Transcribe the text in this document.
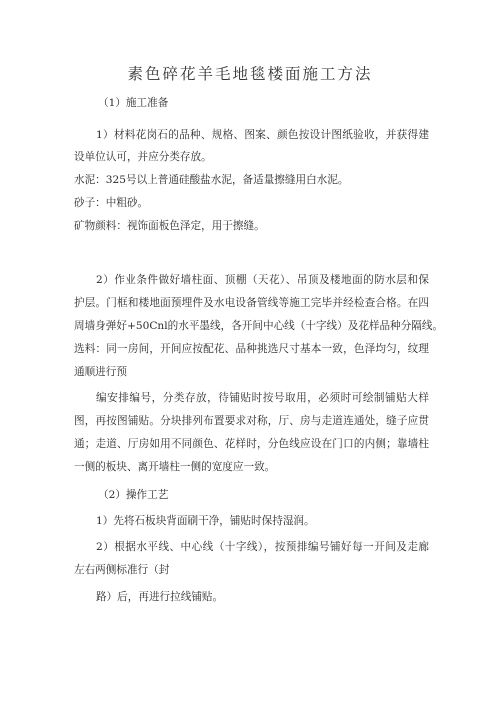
素色碎花羊毛地毯楼面施工方法
（1）施工准备
1）材料花岗石的品种、规格、图案、颜色按设计图纸验收，并获得建
设单位认可，并应分类存放。
水泥：325号以上普通硅酸盐水泥，备适量擦缝用白水泥。
砂子：中粗砂。
矿物颜料：视饰面板色泽定，用于擦缝。
2）作业条件做好墙柱面、顶棚（天花）、吊顶及楼地面的防水层和保
护层。门框和楼地面预埋件及水电设备管线等施工完毕并经检查合格。在四
周墙身弹好+50Cnl的水平墨线，各开间中心线（十字线）及花样品种分隔线。
选料：同一房间，开间应按配花、品种挑选尺寸基本一致，色泽均匀，纹理
通顺进行预
编安排编号，分类存放，待铺贴时按号取用，必须时可绘制铺贴大样
图，再按图铺贴。分块排列布置要求对称，厅、房与走道连通处，缝子应贯
通；走道、厅房如用不同颜色、花样时，分色线应设在门口的内侧；靠墙柱
一侧的板块、离开墙柱一侧的宽度应一致。
（2）操作工艺
1）先将石板块背面刷干净，铺贴时保持湿润。
2）根据水平线、中心线（十字线），按预排编号铺好每一开间及走廊
左右两侧标准行（封
路）后，再进行拉线铺贴。
